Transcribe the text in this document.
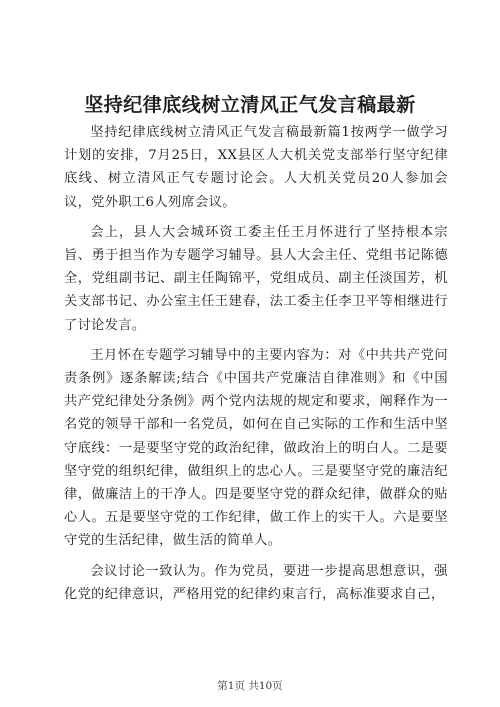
坚持纪律底线树立清风正气发言稿最新

坚持纪律底线树立清风正气发言稿最新篇1按两学一做学习计划的安排，7月25日，XX县区人大机关党支部举行坚守纪律底线、树立清风正气专题讨论会。人大机关党员20人参加会议，党外职工6人列席会议。

会上，县人大会城环资工委主任王月怀进行了坚持根本宗旨、勇于担当作为专题学习辅导。县人大会主任、党组书记陈德全，党组副书记、副主任陶锦平，党组成员、副主任淡国芳，机关支部书记、办公室主任王建春，法工委主任李卫平等相继进行了讨论发言。

王月怀在专题学习辅导中的主要内容为：对《中共共产党问责条例》逐条解读;结合《中国共产党廉洁自律准则》和《中国共产党纪律处分条例》两个党内法规的规定和要求，阐释作为一名党的领导干部和一名党员，如何在自己实际的工作和生活中坚守底线：一是要坚守党的政治纪律，做政治上的明白人。二是要坚守党的组织纪律，做组织上的忠心人。三是要坚守党的廉洁纪律，做廉洁上的干净人。四是要坚守党的群众纪律，做群众的贴心人。五是要坚守党的工作纪律，做工作上的实干人。六是要坚守党的生活纪律，做生活的简单人。

会议讨论一致认为。作为党员，要进一步提高思想意识，强化党的纪律意识，严格用党的纪律约束言行，高标准要求自己，

第1页 共10页
